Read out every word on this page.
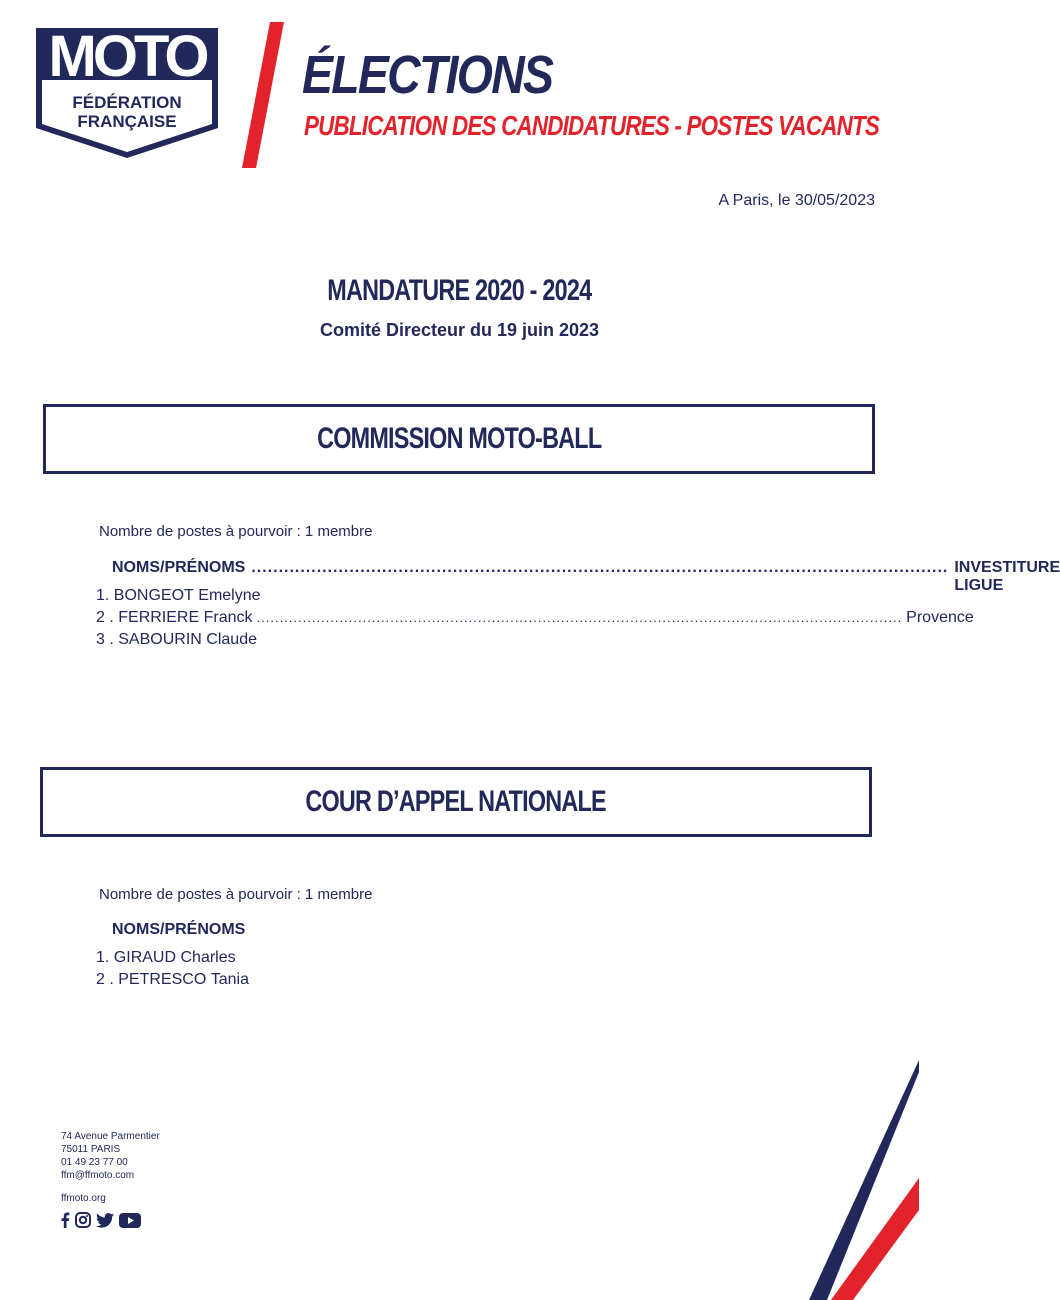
MOTO
FÉDÉRATION
FRANÇAISE
ÉLECTIONS
PUBLICATION DES CANDIDATURES - POSTES VACANTS
A Paris, le 30/05/2023
MANDATURE 2020 - 2024
Comité Directeur du 19 juin 2023
COMMISSION MOTO-BALL
Nombre de postes à pourvoir : 1 membre
NOMS/PRÉNOMS ................................................................................................................................ INVESTITURE LIGUE
1.
BONGEOT
Emelyne
2 .
FERRIERE
Franck ............................................................................................................................................ Provence
3 .
SABOURIN
Claude
COUR D’APPEL NATIONALE
Nombre de postes à pourvoir : 1 membre
NOMS/PRÉNOMS
1.
GIRAUD
Charles
2 .
PETRESCO
Tania
74 Avenue Parmentier
75011 PARIS
01 49 23 77 00
ffm@ffmoto.com
ffmoto.org
